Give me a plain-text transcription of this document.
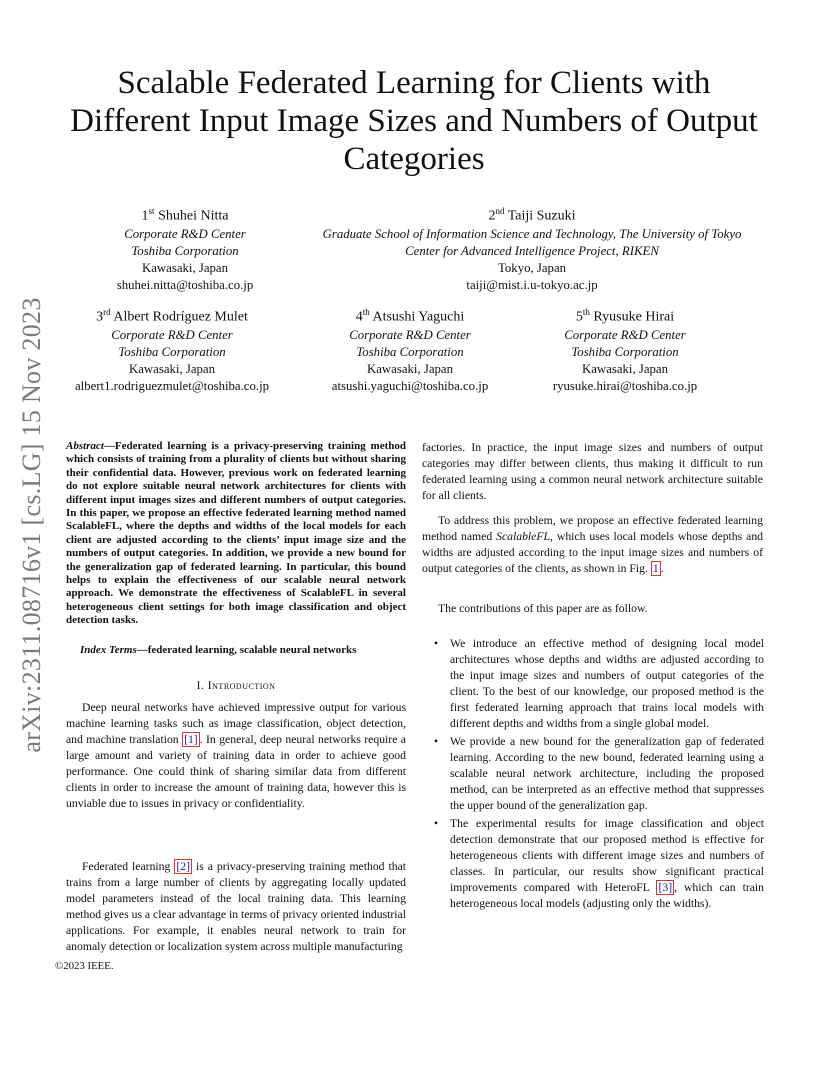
arXiv:2311.08716v1 [cs.LG] 15 Nov 2023
Scalable Federated Learning for Clients with
Different Input Image Sizes and Numbers of Output
Categories
1st Shuhei Nitta
Corporate R&D Center
Toshiba Corporation
Kawasaki, Japan
shuhei.nitta@toshiba.co.jp
2nd Taiji Suzuki
Graduate School of Information Science and Technology, The University of Tokyo
Center for Advanced Intelligence Project, RIKEN
Tokyo, Japan
taiji@mist.i.u-tokyo.ac.jp
3rd Albert Rodríguez Mulet
Corporate R&D Center
Toshiba Corporation
Kawasaki, Japan
albert1.rodriguezmulet@toshiba.co.jp
4th Atsushi Yaguchi
Corporate R&D Center
Toshiba Corporation
Kawasaki, Japan
atsushi.yaguchi@toshiba.co.jp
5th Ryusuke Hirai
Corporate R&D Center
Toshiba Corporation
Kawasaki, Japan
ryusuke.hirai@toshiba.co.jp
Abstract—Federated learning is a privacy-preserving training method which consists of training from a plurality of clients but without sharing their confidential data. However, previous work on federated learning do not explore suitable neural network architectures for clients with different input images sizes and different numbers of output categories. In this paper, we propose an effective federated learning method named ScalableFL, where the depths and widths of the local models for each client are adjusted according to the clients’ input image size and the numbers of output categories. In addition, we provide a new bound for the generalization gap of federated learning. In particular, this bound helps to explain the effectiveness of our scalable neural network approach. We demonstrate the effectiveness of ScalableFL in several heterogeneous client settings for both image classification and object detection tasks.
Index Terms—federated learning, scalable neural networks
I. Introduction

Deep neural networks have achieved impressive output for various machine learning tasks such as image classification, object detection, and machine translation [1] . In general, deep neural networks require a large amount and variety of training data in order to achieve good performance. One could think of sharing similar data from different clients in order to increase the amount of training data, however this is unviable due to issues in privacy or confidentiality.

Federated learning [2] is a privacy-preserving training method that trains from a large number of clients by aggregating locally updated model parameters instead of the local training data. This learning method gives us a clear advantage in terms of privacy oriented industrial applications. For example, it enables neural network to train for anomaly detection or localization system across multiple manufacturing

©2023 IEEE.

factories. In practice, the input image sizes and numbers of output categories may differ between clients, thus making it difficult to run federated learning using a common neural network architecture suitable for all clients.

To address this problem, we propose an effective federated learning method named ScalableFL, which uses local models whose depths and widths are adjusted according to the input image sizes and numbers of output categories of the clients, as shown in Fig. 1 .

The contributions of this paper are as follow.

• We introduce an effective method of designing local model architectures whose depths and widths are adjusted according to the input image sizes and numbers of output categories of the client. To the best of our knowledge, our proposed method is the first federated learning approach that trains local models with different depths and widths from a single global model.
• We provide a new bound for the generalization gap of federated learning. According to the new bound, federated learning using a scalable neural network architecture, including the proposed method, can be interpreted as an effective method that suppresses the upper bound of the generalization gap.
• The experimental results for image classification and object detection demonstrate that our proposed method is effective for heterogeneous clients with different image sizes and numbers of classes. In particular, our results show significant practical improvements compared with HeteroFL [3] , which can train heterogeneous local models (adjusting only the widths).
